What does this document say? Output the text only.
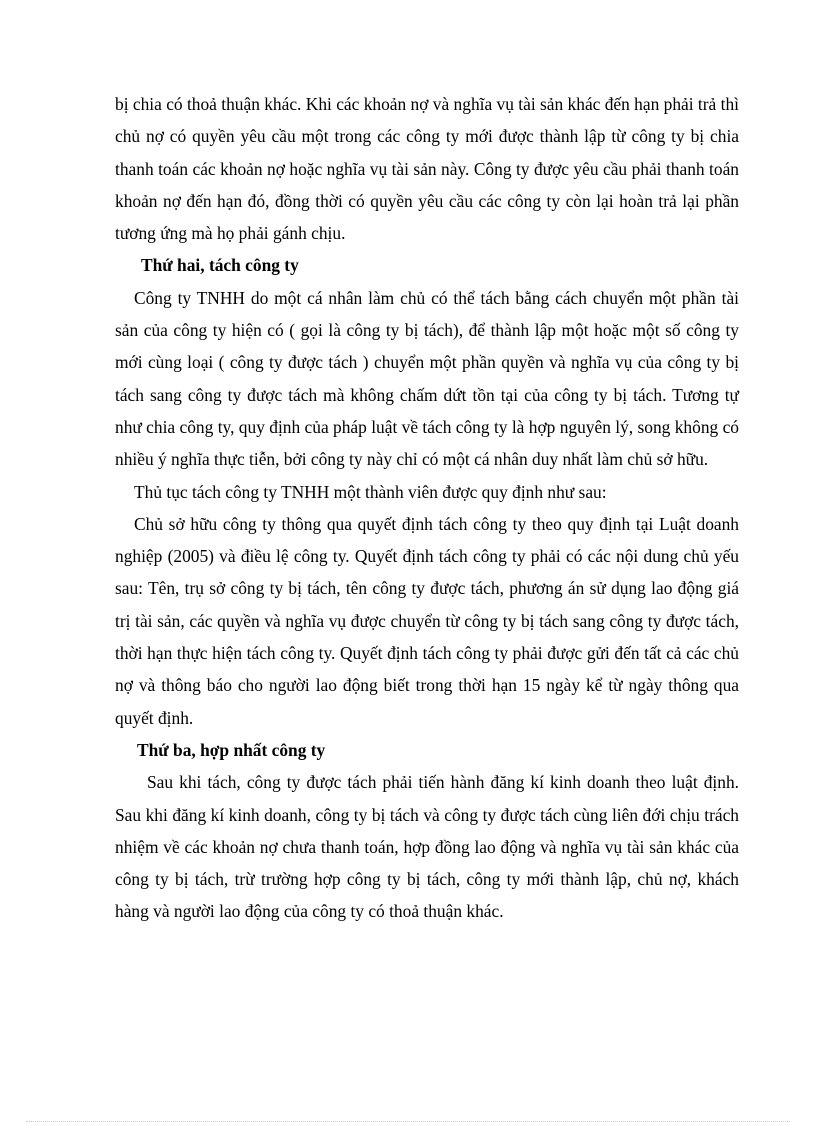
bị chia có thoả thuận khác. Khi các khoản nợ và nghĩa vụ tài sản khác đến hạn phải trả thì chủ nợ có quyền yêu cầu một trong các công ty mới được thành lập từ công ty bị chia thanh toán các khoản nợ hoặc nghĩa vụ tài sản này. Công ty được yêu cầu phải thanh toán khoản nợ đến hạn đó, đồng thời có quyền yêu cầu các công ty còn lại hoàn trả lại phần tương ứng mà họ phải gánh chịu.

Thứ hai, tách công ty

Công ty TNHH do một cá nhân làm chủ có thể tách bằng cách chuyển một phần tài sản của công ty hiện có ( gọi là công ty bị tách), để thành lập một hoặc một số công ty mới cùng loại ( công ty được tách ) chuyển một phần quyền và nghĩa vụ của công ty bị tách sang công ty được tách mà không chấm dứt tồn tại của công ty bị tách. Tương tự như chia công ty, quy định của pháp luật về tách công ty là hợp nguyên lý, song không có nhiều ý nghĩa thực tiễn, bởi công ty này chỉ có một cá nhân duy nhất làm chủ sở hữu.

Thủ tục tách công ty TNHH một thành viên được quy định như sau:

Chủ sở hữu công ty thông qua quyết định tách công ty theo quy định tại Luật doanh nghiệp (2005) và điều lệ công ty. Quyết định tách công ty phải có các nội dung chủ yếu sau: Tên, trụ sở công ty bị tách, tên công ty được tách, phương án sử dụng lao động giá trị tài sản, các quyền và nghĩa vụ được chuyển từ công ty bị tách sang công ty được tách, thời hạn thực hiện tách công ty. Quyết định tách công ty phải được gửi đến tất cả các chủ nợ và thông báo cho người lao động biết trong thời hạn 15 ngày kể từ ngày thông qua quyết định.

Thứ ba, hợp nhất công ty

Sau khi tách, công ty được tách phải tiến hành đăng kí kinh doanh theo luật định. Sau khi đăng kí kinh doanh, công ty bị tách và công ty được tách cùng liên đới chịu trách nhiệm về các khoản nợ chưa thanh toán, hợp đồng lao động và nghĩa vụ tài sản khác của công ty bị tách, trừ trường hợp công ty bị tách, công ty mới thành lập, chủ nợ, khách hàng và người lao động của công ty có thoả thuận khác.
